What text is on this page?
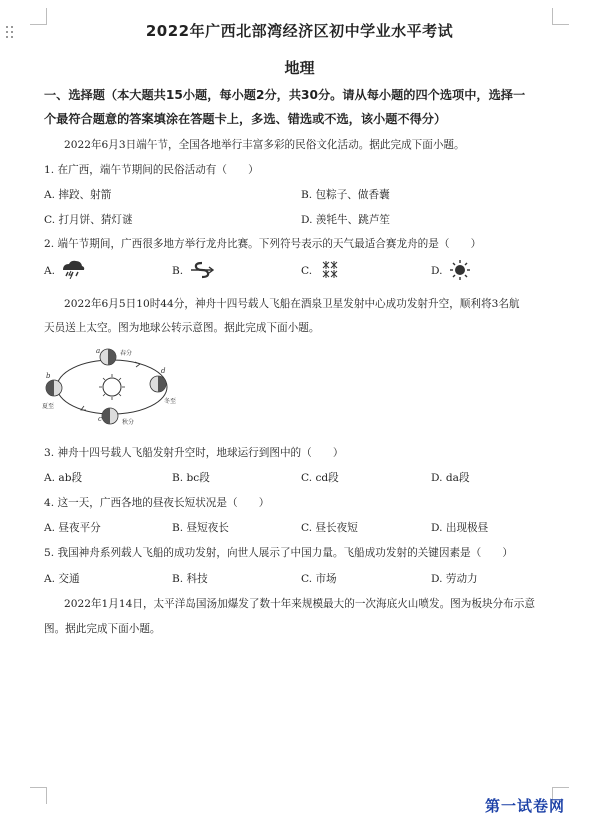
2022年广西北部湾经济区初中学业水平考试
地理
一、选择题（本大题共15小题，每小题2分，共30分。请从每小题的四个选项中，选择一
个最符合题意的答案填涂在答题卡上，多选、错选或不选，该小题不得分）
2022年6月3日端午节，全国各地举行丰富多彩的民俗文化活动。据此完成下面小题。
1. 在广西，端午节期间的民俗活动有（　　）
A. 摔跤、射箭	B. 包粽子、做香囊
C. 打月饼、猜灯谜	D. 羡牦牛、跳芦笙
2. 端午节期间，广西很多地方举行龙舟比赛。下列符号表示的天气最适合赛龙舟的是（　　）
A.	B.	C.	D.
2022年6月5日10时44分，神舟十四号载人飞船在酒泉卫星发射中心成功发射升空，顺利将3名航
天员送上太空。图为地球公转示意图。据此完成下面小题。
春分
秋分
夏至
冬至
a
d
c
b
3. 神舟十四号载人飞船发射升空时，地球运行到图中的（　　）
A. ab段	B. bc段	C. cd段	D. da段
4. 这一天，广西各地的昼夜长短状况是（　　）
A. 昼夜平分	B. 昼短夜长	C. 昼长夜短	D. 出现极昼
5. 我国神舟系列载人飞船的成功发射，向世人展示了中国力量。飞船成功发射的关键因素是（　　）
A. 交通	B. 科技	C. 市场	D. 劳动力
2022年1月14日，太平洋岛国汤加爆发了数十年来规模最大的一次海底火山喷发。图为板块分布示意
图。据此完成下面小题。
第一试卷网
